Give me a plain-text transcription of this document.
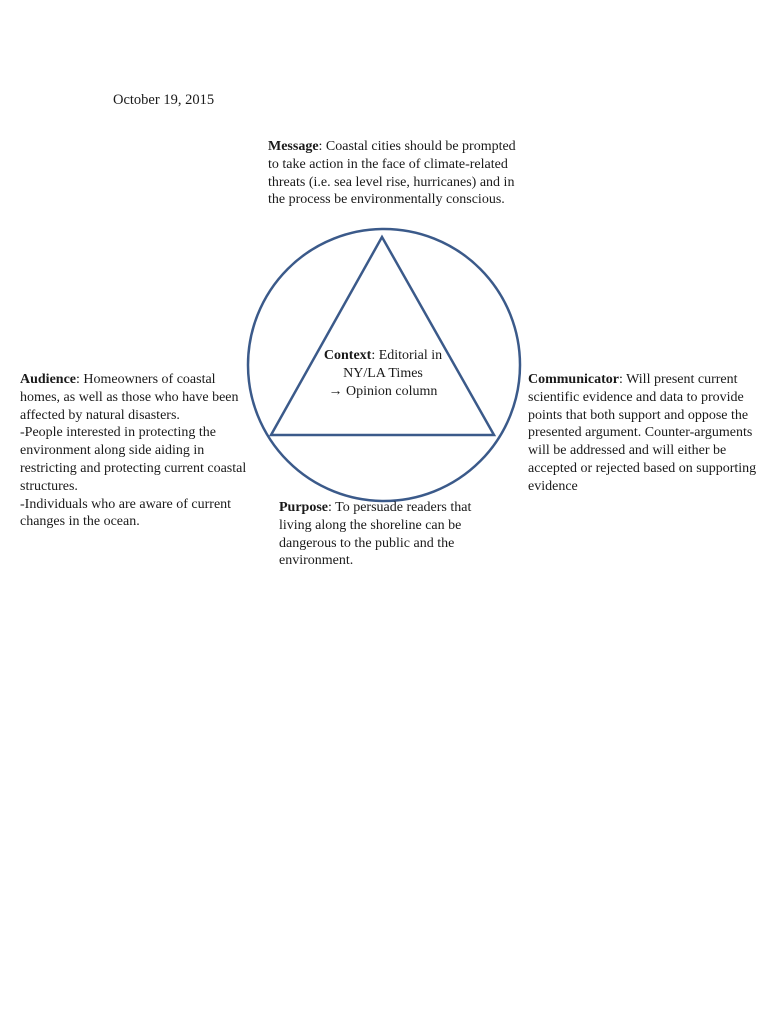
October 19, 2015
Message: Coastal cities should be prompted to take action in the face of climate-related threats (i.e. sea level rise, hurricanes) and in the process be environmentally conscious.
Context: Editorial in NY/LA Times
→ Opinion column
Audience: Homeowners of coastal homes, as well as those who have been affected by natural disasters.
-People interested in protecting the environment along side aiding in restricting and protecting current coastal structures.
-Individuals who are aware of current changes in the ocean.
Communicator: Will present current scientific evidence and data to provide points that both support and oppose the presented argument. Counter-arguments will be addressed and will either be accepted or rejected based on supporting evidence
Purpose: To persuade readers that living along the shoreline can be dangerous to the public and the environment.
